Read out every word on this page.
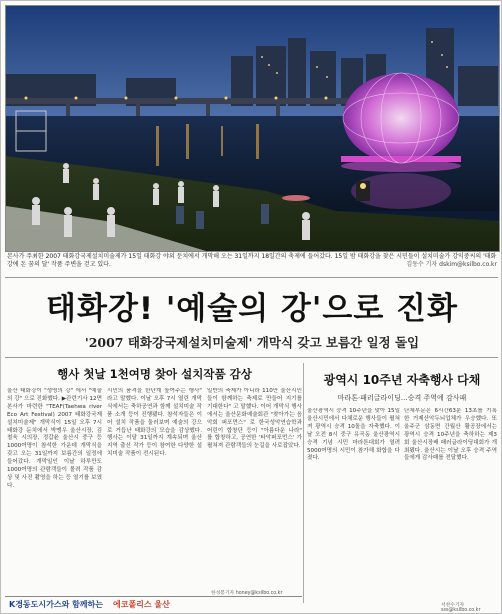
본사가 주최한 2007 태화강국제설치미술제가 15일 태화강 야외 둔치에서 개막해 오는 31일까지 18일간의 축제에 들어갔다. 15일 밤 태화강을 찾은 시민들이 설치미술가 강익중씨의 '태화강에 돈 꿈의 달' 작품 주변을 걷고 있다.	김동수 기자 dskim@ksilbo.co.kr
태화강! '예술의 강'으로 진화
'2007 태화강국제설치미술제' 개막식 갖고 보름간 일정 돌입
행사 첫날 1천여명 찾아 설치작품 감상
울산 태화강이 "생명의 강" 에서 "예술의 강" 으로 진화했다. ▶관련기사 12면 본사가 마련한 "TEAF(Taehwa river Eco Art Festival) 2007 태화강국제설치미술제" 개막식이 15일 오후 7시 태화강 둔치에서 박맹우 울산시장, 김철욱 시의장, 정갑윤 울산시 중구 등 1000여명이 참석한 가운데 개막식을 갖고 오는 31일까지 보름간의 일정에 들어갔다. 개막일인 이날 하루만도 1000여명의 관람객들이 몰려 작품 감상 및 사진 촬영을 하는 등 열기를 보였다.
시민의 품격을 한단계 높여주는 행사" 라고 말했다. 이날 오후 7시 열린 개막식에서는 축하공연과 함께 설치미술 작품 소개 등이 진행됐다. 참석자들은 이어 설치 작품을 둘러보며 예술의 강으로 거듭난 태화강의 모습을 감상했다. 행사는 이달 31일까지 계속되며 울산지역 출신 작가 등이 참여한 다양한 설치미술 작품이 전시된다.
일반의 축제가 아니라 110만 울산시민들이 함께하는 축제로 만들어 지기를 기대한다" 고 말했다. 이어 개막식 행사에서는 울산문화예술회관 "찾아가는 음악회 퍼포먼스" 로 한국성악연습학과 어린이 합창단 등이 "아름다운 나라" 를 합창하고, 공연한 '타악퍼포먼스' 가 펼쳐져 관람객들의 눈길을 사로잡았다.
한성봉기자 honey@ksilbo.co.kr
광역시 10주년 자축행사 다채
마라톤·패러글라이딩…승격 주역에 감사패
울산광역시 승격 10주년을 맞아 15일 울산시민에서 다채로운 행사들이 펼쳐져 광역시 승격 10돌을 자축했다. 이날 오전 8시 중구 유곡동 울산광역시 승격 기념 시민 마라톤대회가 열려 5000여명의 시민이 참가해 화합을 다졌다.
단체부문은 6시간63분 13초를 기록한 거제산악두뇌업체가 우승했다. 또 울주군 삼동면 간월산 활공장에서는 광역시 승격 10주년을 축하하는 제3회 울산시장배 패러글라이딩대회가 개최됐다. 울산시는 이날 오후 승격 주역들에게 감사패를 전달했다.
서찬수기자 sss@ksilbo.co.kr
K경동도시가스와 함께하는 에코폴리스 울산
